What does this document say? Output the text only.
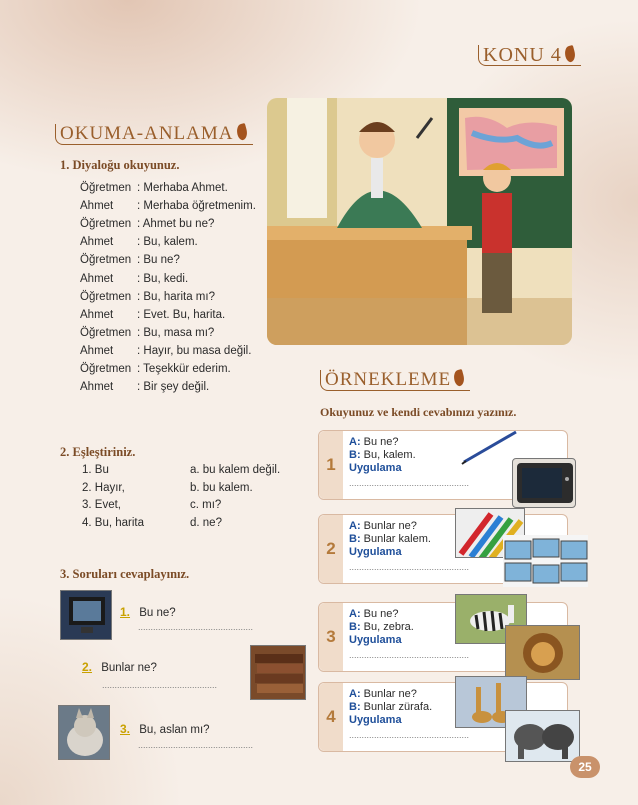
KONU 4
OKUMA-ANLAMA
1. Diyaloğu okuyunuz.
Öğretmen : Merhaba Ahmet.
Ahmet : Merhaba öğretmenim.
Öğretmen : Ahmet bu ne?
Ahmet : Bu, kalem.
Öğretmen : Bu ne?
Ahmet : Bu, kedi.
Öğretmen : Bu, harita mı?
Ahmet : Evet. Bu, harita.
Öğretmen : Bu, masa mı?
Ahmet : Hayır, bu masa değil.
Öğretmen : Teşekkür ederim.
Ahmet : Bir şey değil.
2. Eşleştiriniz.
1. Bu	a. bu kalem değil.
2. Hayır,	b. bu kalem.
3. Evet,	c. mı?
4. Bu, harita	d. ne?
3. Soruları cevaplayınız.
1. Bu ne?
..............................................
2. Bunlar ne?
..............................................
3. Bu, aslan mı?
..............................................
ÖRNEKLEME
Okuyunuz ve kendi cevabınızı yazınız.
1
A: Bu ne?
B: Bu, kalem.
Uygulama
................................................
2
A: Bunlar ne?
B: Bunlar kalem.
Uygulama
................................................
3
A: Bu ne?
B: Bu, zebra.
Uygulama
................................................
4
A: Bunlar ne?
B: Bunlar zürafa.
Uygulama
................................................
25
